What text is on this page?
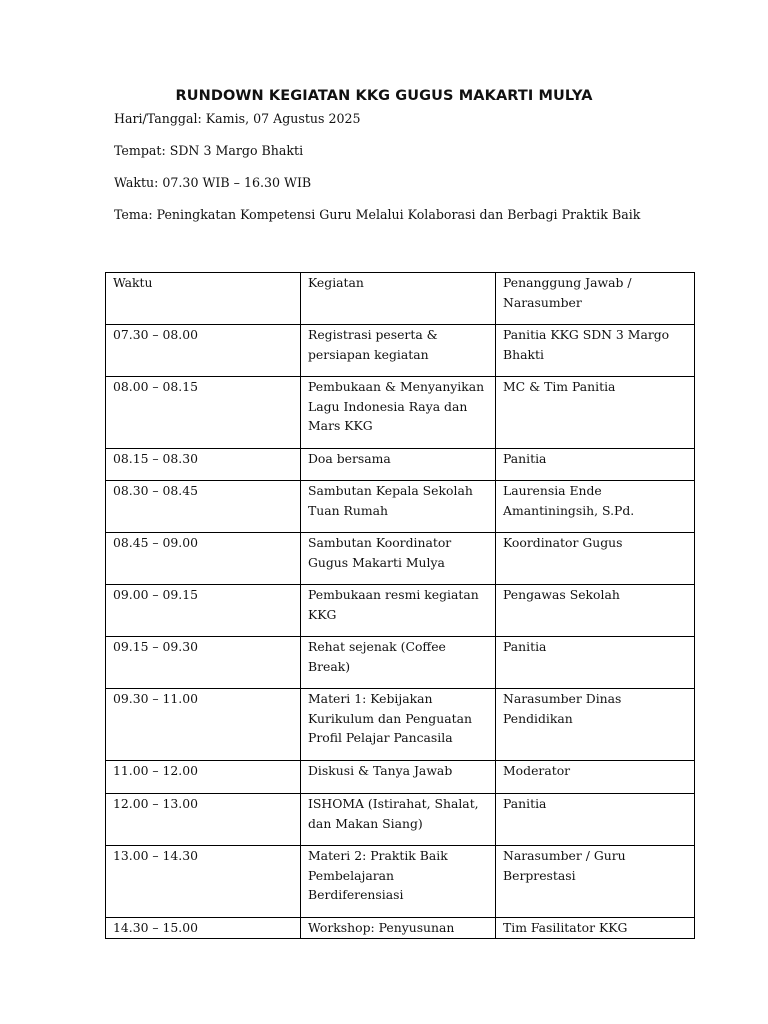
RUNDOWN KEGIATAN KKG GUGUS MAKARTI MULYA
Hari/Tanggal: Kamis, 07 Agustus 2025
Tempat: SDN 3 Margo Bhakti
Waktu: 07.30 WIB – 16.30 WIB
Tema: Peningkatan Kompetensi Guru Melalui Kolaborasi dan Berbagi Praktik Baik
Waktu	Kegiatan	Penanggung Jawab / Narasumber
07.30 – 08.00	Registrasi peserta & persiapan kegiatan	Panitia KKG SDN 3 Margo Bhakti
08.00 – 08.15	Pembukaan & Menyanyikan Lagu Indonesia Raya dan Mars KKG	MC & Tim Panitia
08.15 – 08.30	Doa bersama	Panitia
08.30 – 08.45	Sambutan Kepala Sekolah Tuan Rumah	Laurensia Ende Amantiningsih, S.Pd.
08.45 – 09.00	Sambutan Koordinator Gugus Makarti Mulya	Koordinator Gugus
09.00 – 09.15	Pembukaan resmi kegiatan KKG	Pengawas Sekolah
09.15 – 09.30	Rehat sejenak (Coffee Break)	Panitia
09.30 – 11.00	Materi 1: Kebijakan Kurikulum dan Penguatan Profil Pelajar Pancasila	Narasumber Dinas Pendidikan
11.00 – 12.00	Diskusi & Tanya Jawab	Moderator
12.00 – 13.00	ISHOMA (Istirahat, Shalat, dan Makan Siang)	Panitia
13.00 – 14.30	Materi 2: Praktik Baik Pembelajaran Berdiferensiasi	Narasumber / Guru Berprestasi
14.30 – 15.00	Workshop: Penyusunan	Tim Fasilitator KKG
